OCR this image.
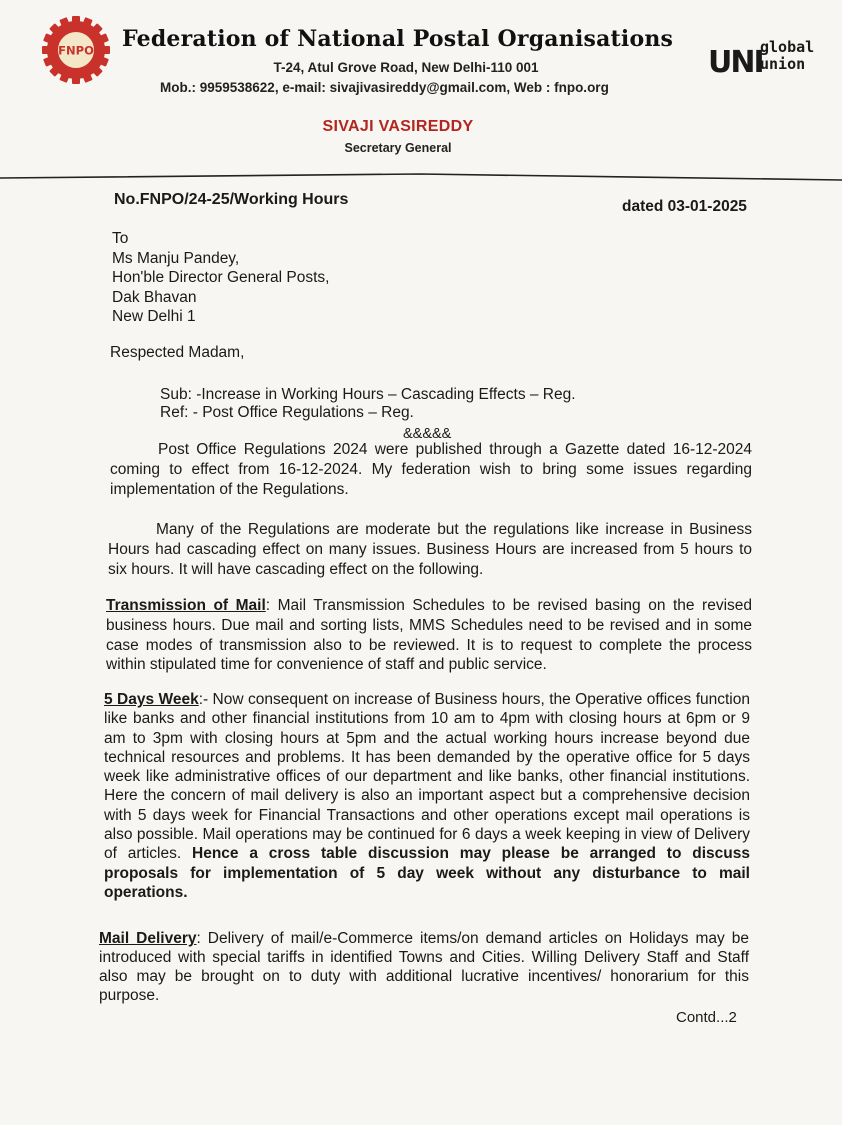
FNPO Federation of National Postal Organisations
T-24, Atul Grove Road, New Delhi-110 001
Mob.: 9959538622, e-mail: sivajivasireddy@gmail.com, Web : fnpo.org
UNI
global
union
SIVAJI VASIREDDY
Secretary General
No.FNPO/24-25/Working Hours	dated 03-01-2025
To
Ms Manju Pandey,
Hon'ble Director General Posts,
Dak Bhavan
New Delhi 1
Respected Madam,
Sub: -Increase in Working Hours – Cascading Effects – Reg.
Ref: - Post Office Regulations – Reg.
&&&&&
Post Office Regulations 2024 were published through a Gazette dated 16-12-2024 coming to effect from 16-12-2024. My federation wish to bring some issues regarding implementation of the Regulations.
Many of the Regulations are moderate but the regulations like increase in Business Hours had cascading effect on many issues. Business Hours are increased from 5 hours to six hours. It will have cascading effect on the following.
Transmission of Mail: Mail Transmission Schedules to be revised basing on the revised business hours. Due mail and sorting lists, MMS Schedules need to be revised and in some case modes of transmission also to be reviewed. It is to request to complete the process within stipulated time for convenience of staff and public service.
5 Days Week:- Now consequent on increase of Business hours, the Operative offices function like banks and other financial institutions from 10 am to 4pm with closing hours at 6pm or 9 am to 3pm with closing hours at 5pm and the actual working hours increase beyond due technical resources and problems. It has been demanded by the operative office for 5 days week like administrative offices of our department and like banks, other financial institutions. Here the concern of mail delivery is also an important aspect but a comprehensive decision with 5 days week for Financial Transactions and other operations except mail operations is also possible. Mail operations may be continued for 6 days a week keeping in view of Delivery of articles. Hence a cross table discussion may please be arranged to discuss proposals for implementation of 5 day week without any disturbance to mail operations.
Mail Delivery: Delivery of mail/e-Commerce items/on demand articles on Holidays may be introduced with special tariffs in identified Towns and Cities. Willing Delivery Staff and Staff also may be brought on to duty with additional lucrative incentives/ honorarium for this purpose.
Contd...2
